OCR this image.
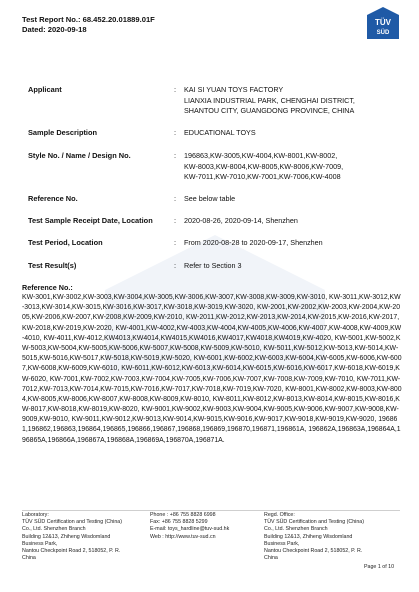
Test Report No.: 68.452.20.01889.01F
Dated: 2020-09-18
TÜV
SÜD
Applicant	: KAI SI YUAN TOYS FACTORY
LIANXIA INDUSTRIAL PARK, CHENGHAI DISTRICT,
SHANTOU CITY, GUANGDONG PROVINCE, CHINA
Sample Description	: EDUCATIONAL TOYS
Style No. / Name / Design No.	: 196863,KW-3005,KW-4004,KW-8001,KW-8002,
KW-8003,KW-8004,KW-8005,KW-8006,KW-7009,
KW-7011,KW-7010,KW-7001,KW-7006,KW-4008
Reference No.	: See below table
Test Sample Receipt Date, Location	: 2020-08-26, 2020-09-14, Shenzhen
Test Period, Location	: From 2020-08-28 to 2020-09-17, Shenzhen
Test Result(s)	: Refer to Section 3
Reference No.:
KW-3001,KW-3002,KW-3003,KW-3004,KW-3005,KW-3006,KW-3007,KW-3008,KW-3009,KW-3010, KW-3011,KW-3012,KW-3013,KW-3014,KW-3015,KW-3016,KW-3017,KW-3018,KW-3019,KW-3020, KW-2001,KW-2002,KW-2003,KW-2004,KW-2005,KW-2006,KW-2007,KW-2008,KW-2009,KW-2010, KW-2011,KW-2012,KW-2013,KW-2014,KW-2015,KW-2016,KW-2017,KW-2018,KW-2019,KW-2020, KW-4001,KW-4002,KW-4003,KW-4004,KW-4005,KW-4006,KW-4007,KW-4008,KW-4009,KW-4010, KW-4011,KW-4012,KW4013,KW4014,KW4015,KW4016,KW4017,KW4018,KW4019,KW-4020, KW-5001,KW-5002,KW-5003,KW-5004,KW-5005,KW-5006,KW-5007,KW-5008,KW-5009,KW-5010, KW-5011,KW-5012,KW-5013,KW-5014,KW-5015,KW-5016,KW-5017,KW-5018,KW-5019,KW-5020, KW-6001,KW-6002,KW-6003,KW-6004,KW-6005,KW-6006,KW-6007,KW-6008,KW-6009,KW-6010, KW-6011,KW-6012,KW-6013,KW-6014,KW-6015,KW-6016,KW-6017,KW-6018,KW-6019,KW-6020, KW-7001,KW-7002,KW-7003,KW-7004,KW-7005,KW-7006,KW-7007,KW-7008,KW-7009,KW-7010, KW-7011,KW-7012,KW-7013,KW-7014,KW-7015,KW-7016,KW-7017,KW-7018,KW-7019,KW-7020, KW-8001,KW-8002,KW-8003,KW-8004,KW-8005,KW-8006,KW-8007,KW-8008,KW-8009,KW-8010, KW-8011,KW-8012,KW-8013,KW-8014,KW-8015,KW-8016,KW-8017,KW-8018,KW-8019,KW-8020, KW-9001,KW-9002,KW-9003,KW-9004,KW-9005,KW-9006,KW-9007,KW-9008,KW-9009,KW-9010, KW-9011,KW-9012,KW-9013,KW-9014,KW-9015,KW-9016,KW-9017,KW-9018,KW-9019,KW-9020, 196861,196862,196863,196864,196865,196866,196867,196868,196869,196870,196871,196861A, 196862A,196863A,196864A,196865A,196866A,196867A,196868A,196869A,196870A,196871A.
Laboratory:
TÜV SÜD Certification and Testing (China)
Co., Ltd. Shenzhen Branch
Building 12&13, Zhiheng Wisdomland
Business Park,
Nantou Checkpoint Road 2, 518052, P. R.
China
Phone : +86 755 8828 6998
Fax: +86 755 8828 5299
E-mail: toys_hardline@tuv-sud.hk
Web : http://www.tuv-sud.cn
Regd. Office:
TÜV SÜD Certification and Testing (China)
Co., Ltd. Shenzhen Branch
Building 12&13, Zhiheng Wisdomland
Business Park,
Nantou Checkpoint Road 2, 518052, P. R.
China
Page 1 of 10
